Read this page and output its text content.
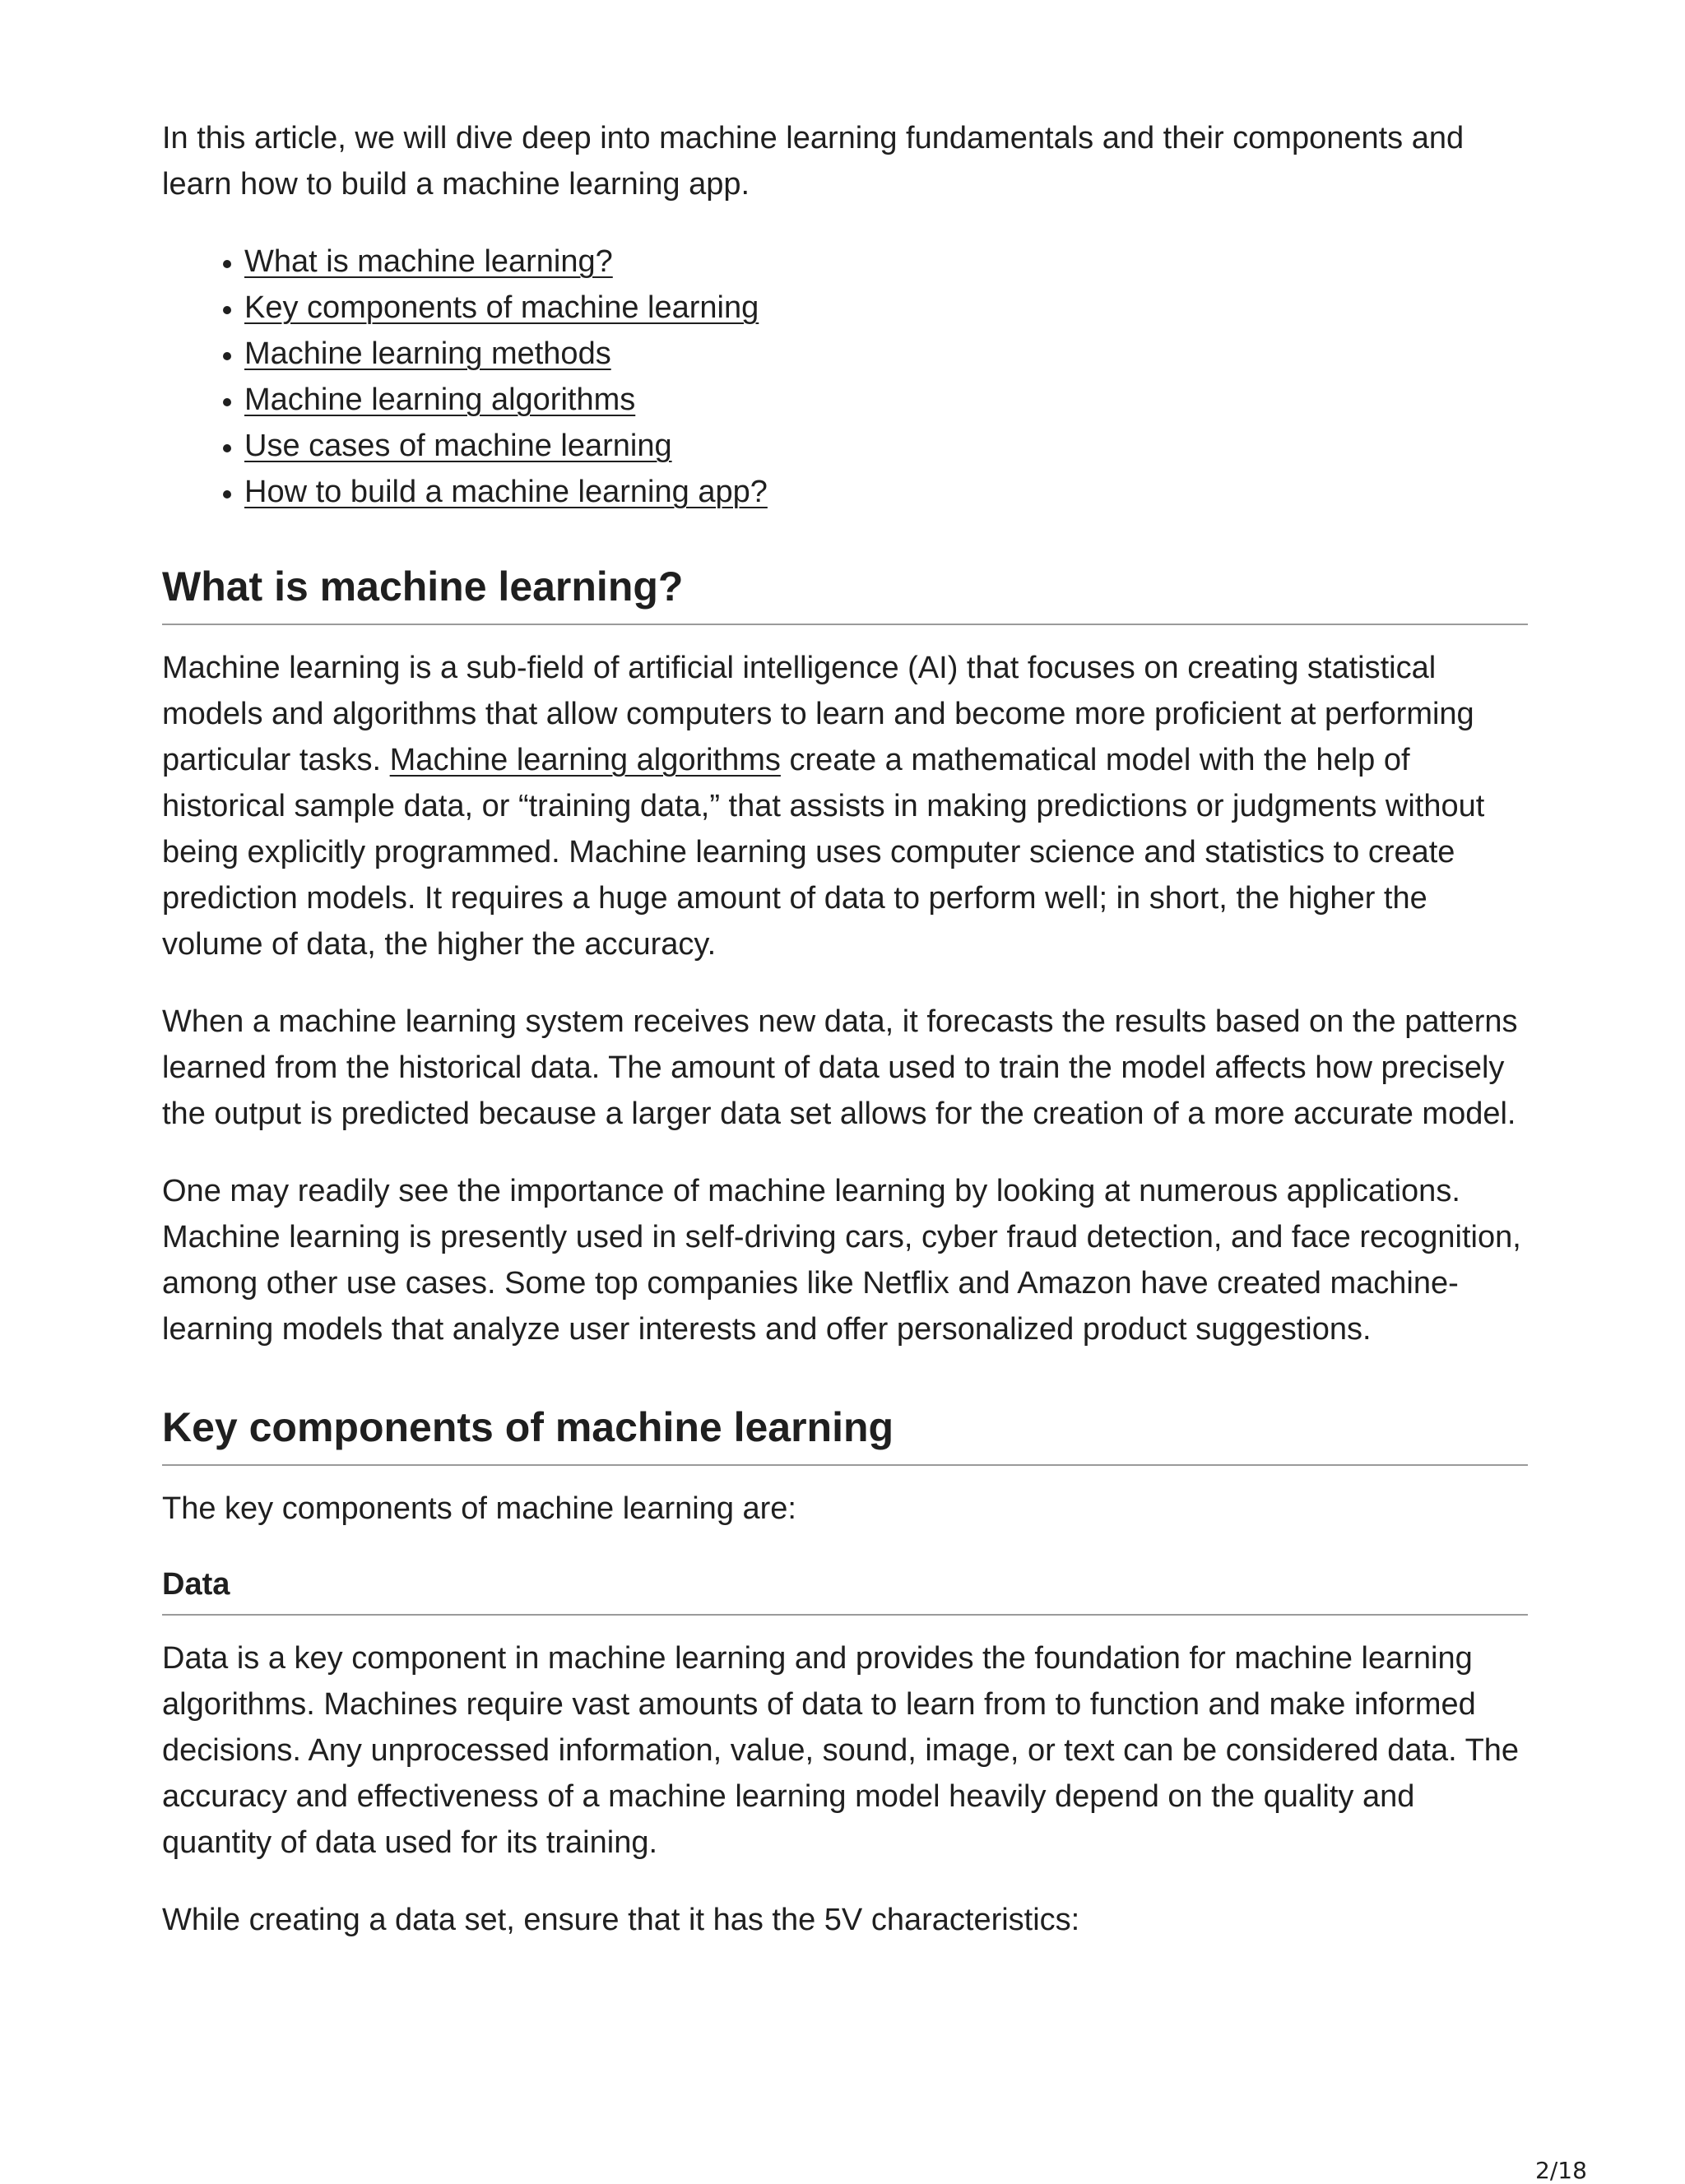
In this article, we will dive deep into machine learning fundamentals and their components and learn how to build a machine learning app.

• What is machine learning?
• Key components of machine learning
• Machine learning methods
• Machine learning algorithms
• Use cases of machine learning
• How to build a machine learning app?
What is machine learning?

Machine learning is a sub-field of artificial intelligence (AI) that focuses on creating statistical models and algorithms that allow computers to learn and become more proficient at performing particular tasks. Machine learning algorithms create a mathematical model with the help of historical sample data, or “training data,” that assists in making predictions or judgments without being explicitly programmed. Machine learning uses computer science and statistics to create prediction models. It requires a huge amount of data to perform well; in short, the higher the volume of data, the higher the accuracy.

When a machine learning system receives new data, it forecasts the results based on the patterns learned from the historical data. The amount of data used to train the model affects how precisely the output is predicted because a larger data set allows for the creation of a more accurate model.

One may readily see the importance of machine learning by looking at numerous applications. Machine learning is presently used in self-driving cars, cyber fraud detection, and face recognition, among other use cases. Some top companies like Netflix and Amazon have created machine-learning models that analyze user interests and offer personalized product suggestions.

Key components of machine learning

The key components of machine learning are:

Data

Data is a key component in machine learning and provides the foundation for machine learning algorithms. Machines require vast amounts of data to learn from to function and make informed decisions. Any unprocessed information, value, sound, image, or text can be considered data. The accuracy and effectiveness of a machine learning model heavily depend on the quality and quantity of data used for its training.

While creating a data set, ensure that it has the 5V characteristics:

2/18
